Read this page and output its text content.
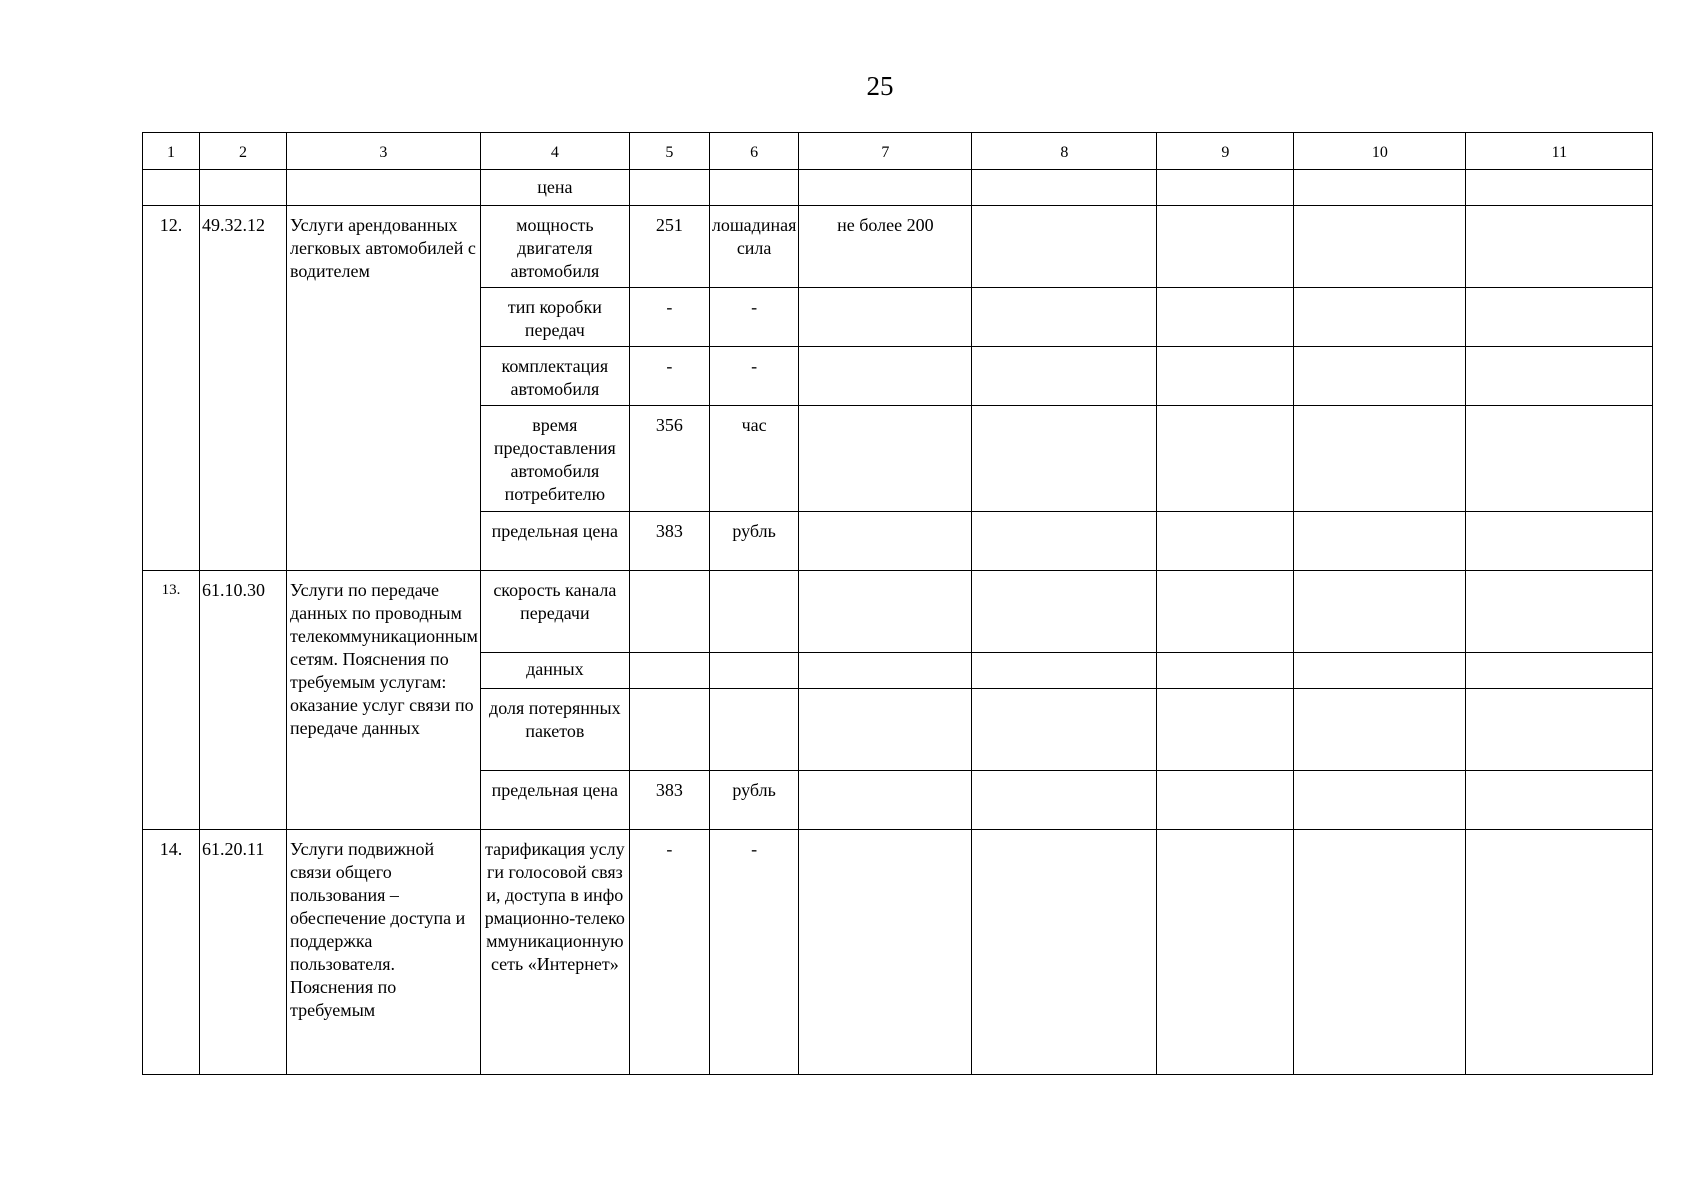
25
1	2	3	4	5	6	7	8	9	10	11
			цена							
12.	49.32.12	Услуги арендованных легковых автомобилей с водителем	мощность двигателя автомобиля	251	лошадиная сила	не более 200				
			тип коробки передач	-	-					
			комплектация автомобиля	-	-					
			время предоставления автомобиля потребителю	356	час					
			предельная цена	383	рубль					
13.	61.10.30	Услуги по передаче данных по проводным телекоммуникационным сетям. Пояснения по требуемым услугам: оказание услуг связи по передаче данных	скорость канала передачи							
			данных							
			доля потерянных пакетов							
			предельная цена	383	рубль					
14.	61.20.11	Услуги подвижной связи общего пользования – обеспечение доступа и поддержка пользователя. Пояснения по требуемым	тарификация услуги голосовой связи, доступа в информационно-телекоммуникационную сеть «Интернет»	-	-					
